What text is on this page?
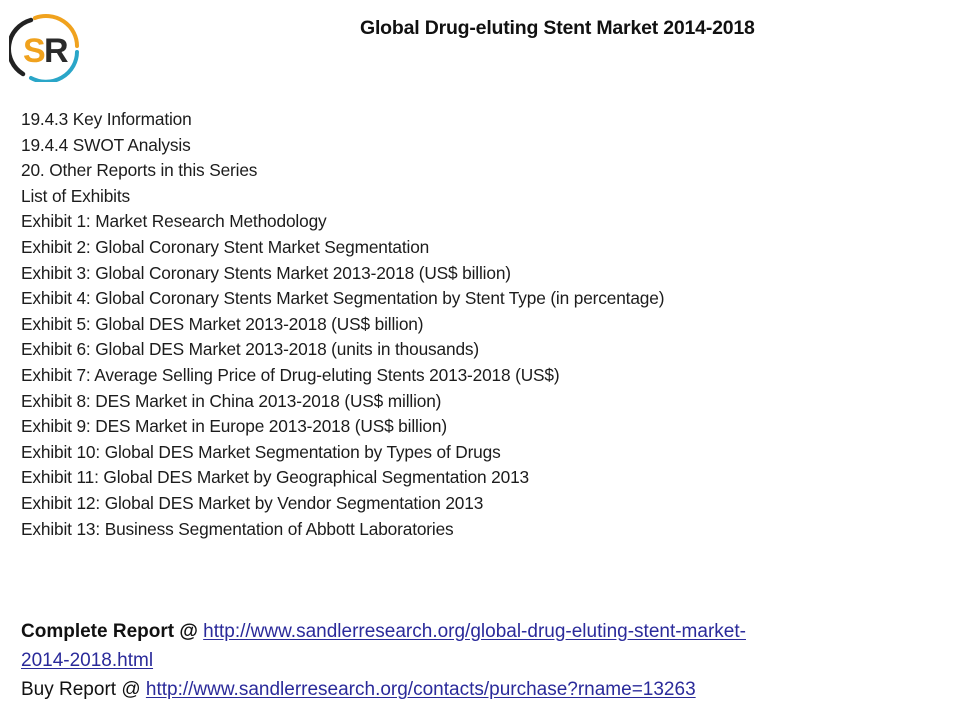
S
R
Global Drug-eluting Stent Market 2014-2018
19.4.3 Key Information
19.4.4 SWOT Analysis
20. Other Reports in this Series
List of Exhibits
Exhibit 1: Market Research Methodology
Exhibit 2: Global Coronary Stent Market Segmentation
Exhibit 3: Global Coronary Stents Market 2013-2018 (US$ billion)
Exhibit 4: Global Coronary Stents Market Segmentation by Stent Type (in percentage)
Exhibit 5: Global DES Market 2013-2018 (US$ billion)
Exhibit 6: Global DES Market 2013-2018 (units in thousands)
Exhibit 7: Average Selling Price of Drug-eluting Stents 2013-2018 (US$)
Exhibit 8: DES Market in China 2013-2018 (US$ million)
Exhibit 9: DES Market in Europe 2013-2018 (US$ billion)
Exhibit 10: Global DES Market Segmentation by Types of Drugs
Exhibit 11: Global DES Market by Geographical Segmentation 2013
Exhibit 12: Global DES Market by Vendor Segmentation 2013
Exhibit 13: Business Segmentation of Abbott Laboratories
Complete Report @ http://www.sandlerresearch.org/global-drug-eluting-stent-market-
2014-2018.html
Buy Report @ http://www.sandlerresearch.org/contacts/purchase?rname=13263
